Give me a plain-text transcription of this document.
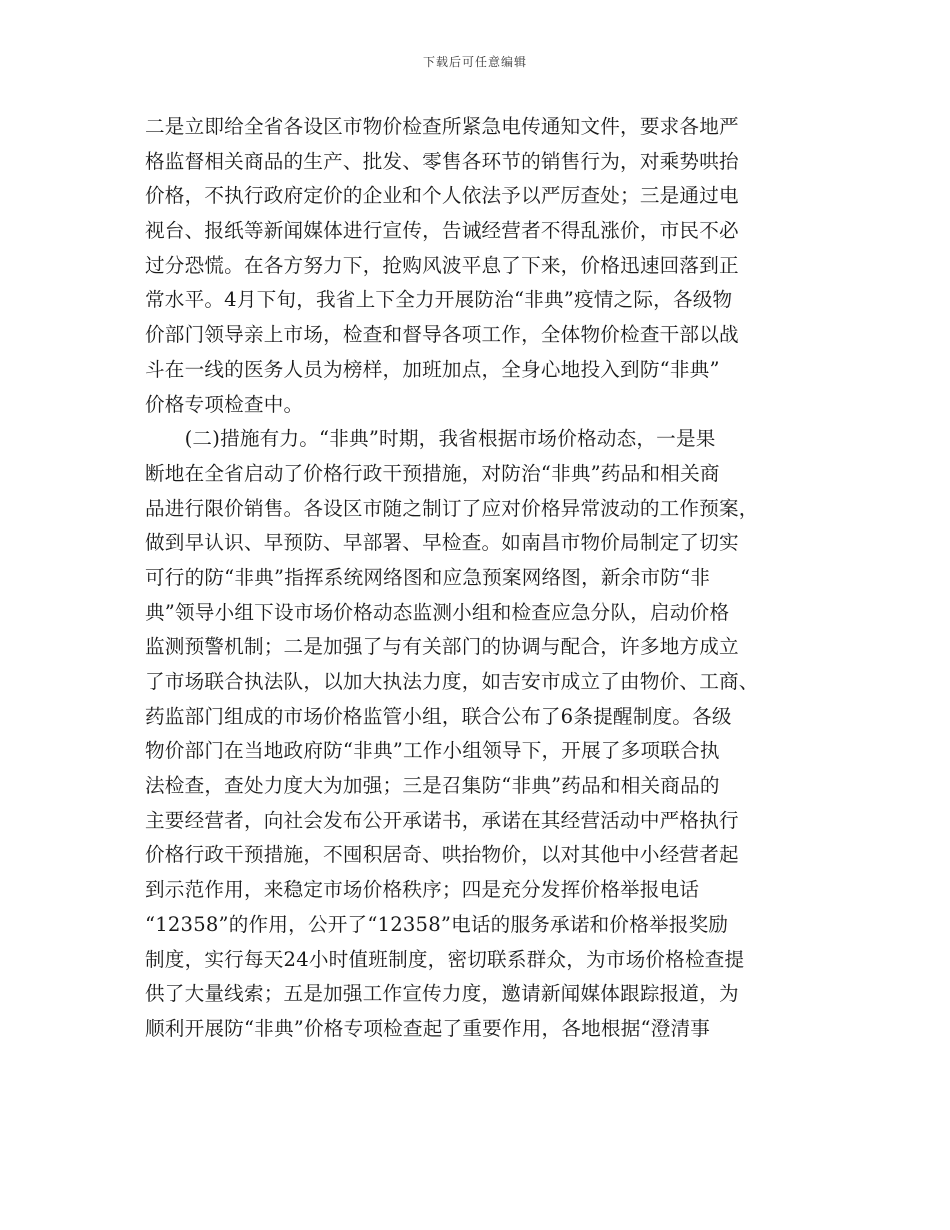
下载后可任意编辑
二是立即给全省各设区市物价检查所紧急电传通知文件，要求各地严
格监督相关商品的生产、批发、零售各环节的销售行为，对乘势哄抬
价格，不执行政府定价的企业和个人依法予以严厉查处；三是通过电
视台、报纸等新闻媒体进行宣传，告诫经营者不得乱涨价，市民不必
过分恐慌。在各方努力下，抢购风波平息了下来，价格迅速回落到正
常水平。4月下旬，我省上下全力开展防治“非典”疫情之际，各级物
价部门领导亲上市场，检查和督导各项工作，全体物价检查干部以战
斗在一线的医务人员为榜样，加班加点，全身心地投入到防“非典”
价格专项检查中。
　　(二)措施有力。“非典”时期，我省根据市场价格动态，一是果
断地在全省启动了价格行政干预措施，对防治“非典”药品和相关商
品进行限价销售。各设区市随之制订了应对价格异常波动的工作预案，
做到早认识、早预防、早部署、早检查。如南昌市物价局制定了切实
可行的防“非典”指挥系统网络图和应急预案网络图，新余市防“非
典”领导小组下设市场价格动态监测小组和检查应急分队，启动价格
监测预警机制；二是加强了与有关部门的协调与配合，许多地方成立
了市场联合执法队，以加大执法力度，如吉安市成立了由物价、工商、
药监部门组成的市场价格监管小组，联合公布了6条提醒制度。各级
物价部门在当地政府防“非典”工作小组领导下，开展了多项联合执
法检查，查处力度大为加强；三是召集防“非典”药品和相关商品的
主要经营者，向社会发布公开承诺书，承诺在其经营活动中严格执行
价格行政干预措施，不囤积居奇、哄抬物价，以对其他中小经营者起
到示范作用，来稳定市场价格秩序；四是充分发挥价格举报电话
“12358”的作用，公开了“12358”电话的服务承诺和价格举报奖励
制度，实行每天24小时值班制度，密切联系群众，为市场价格检查提
供了大量线索；五是加强工作宣传力度，邀请新闻媒体跟踪报道，为
顺利开展防“非典”价格专项检查起了重要作用，各地根据“澄清事
